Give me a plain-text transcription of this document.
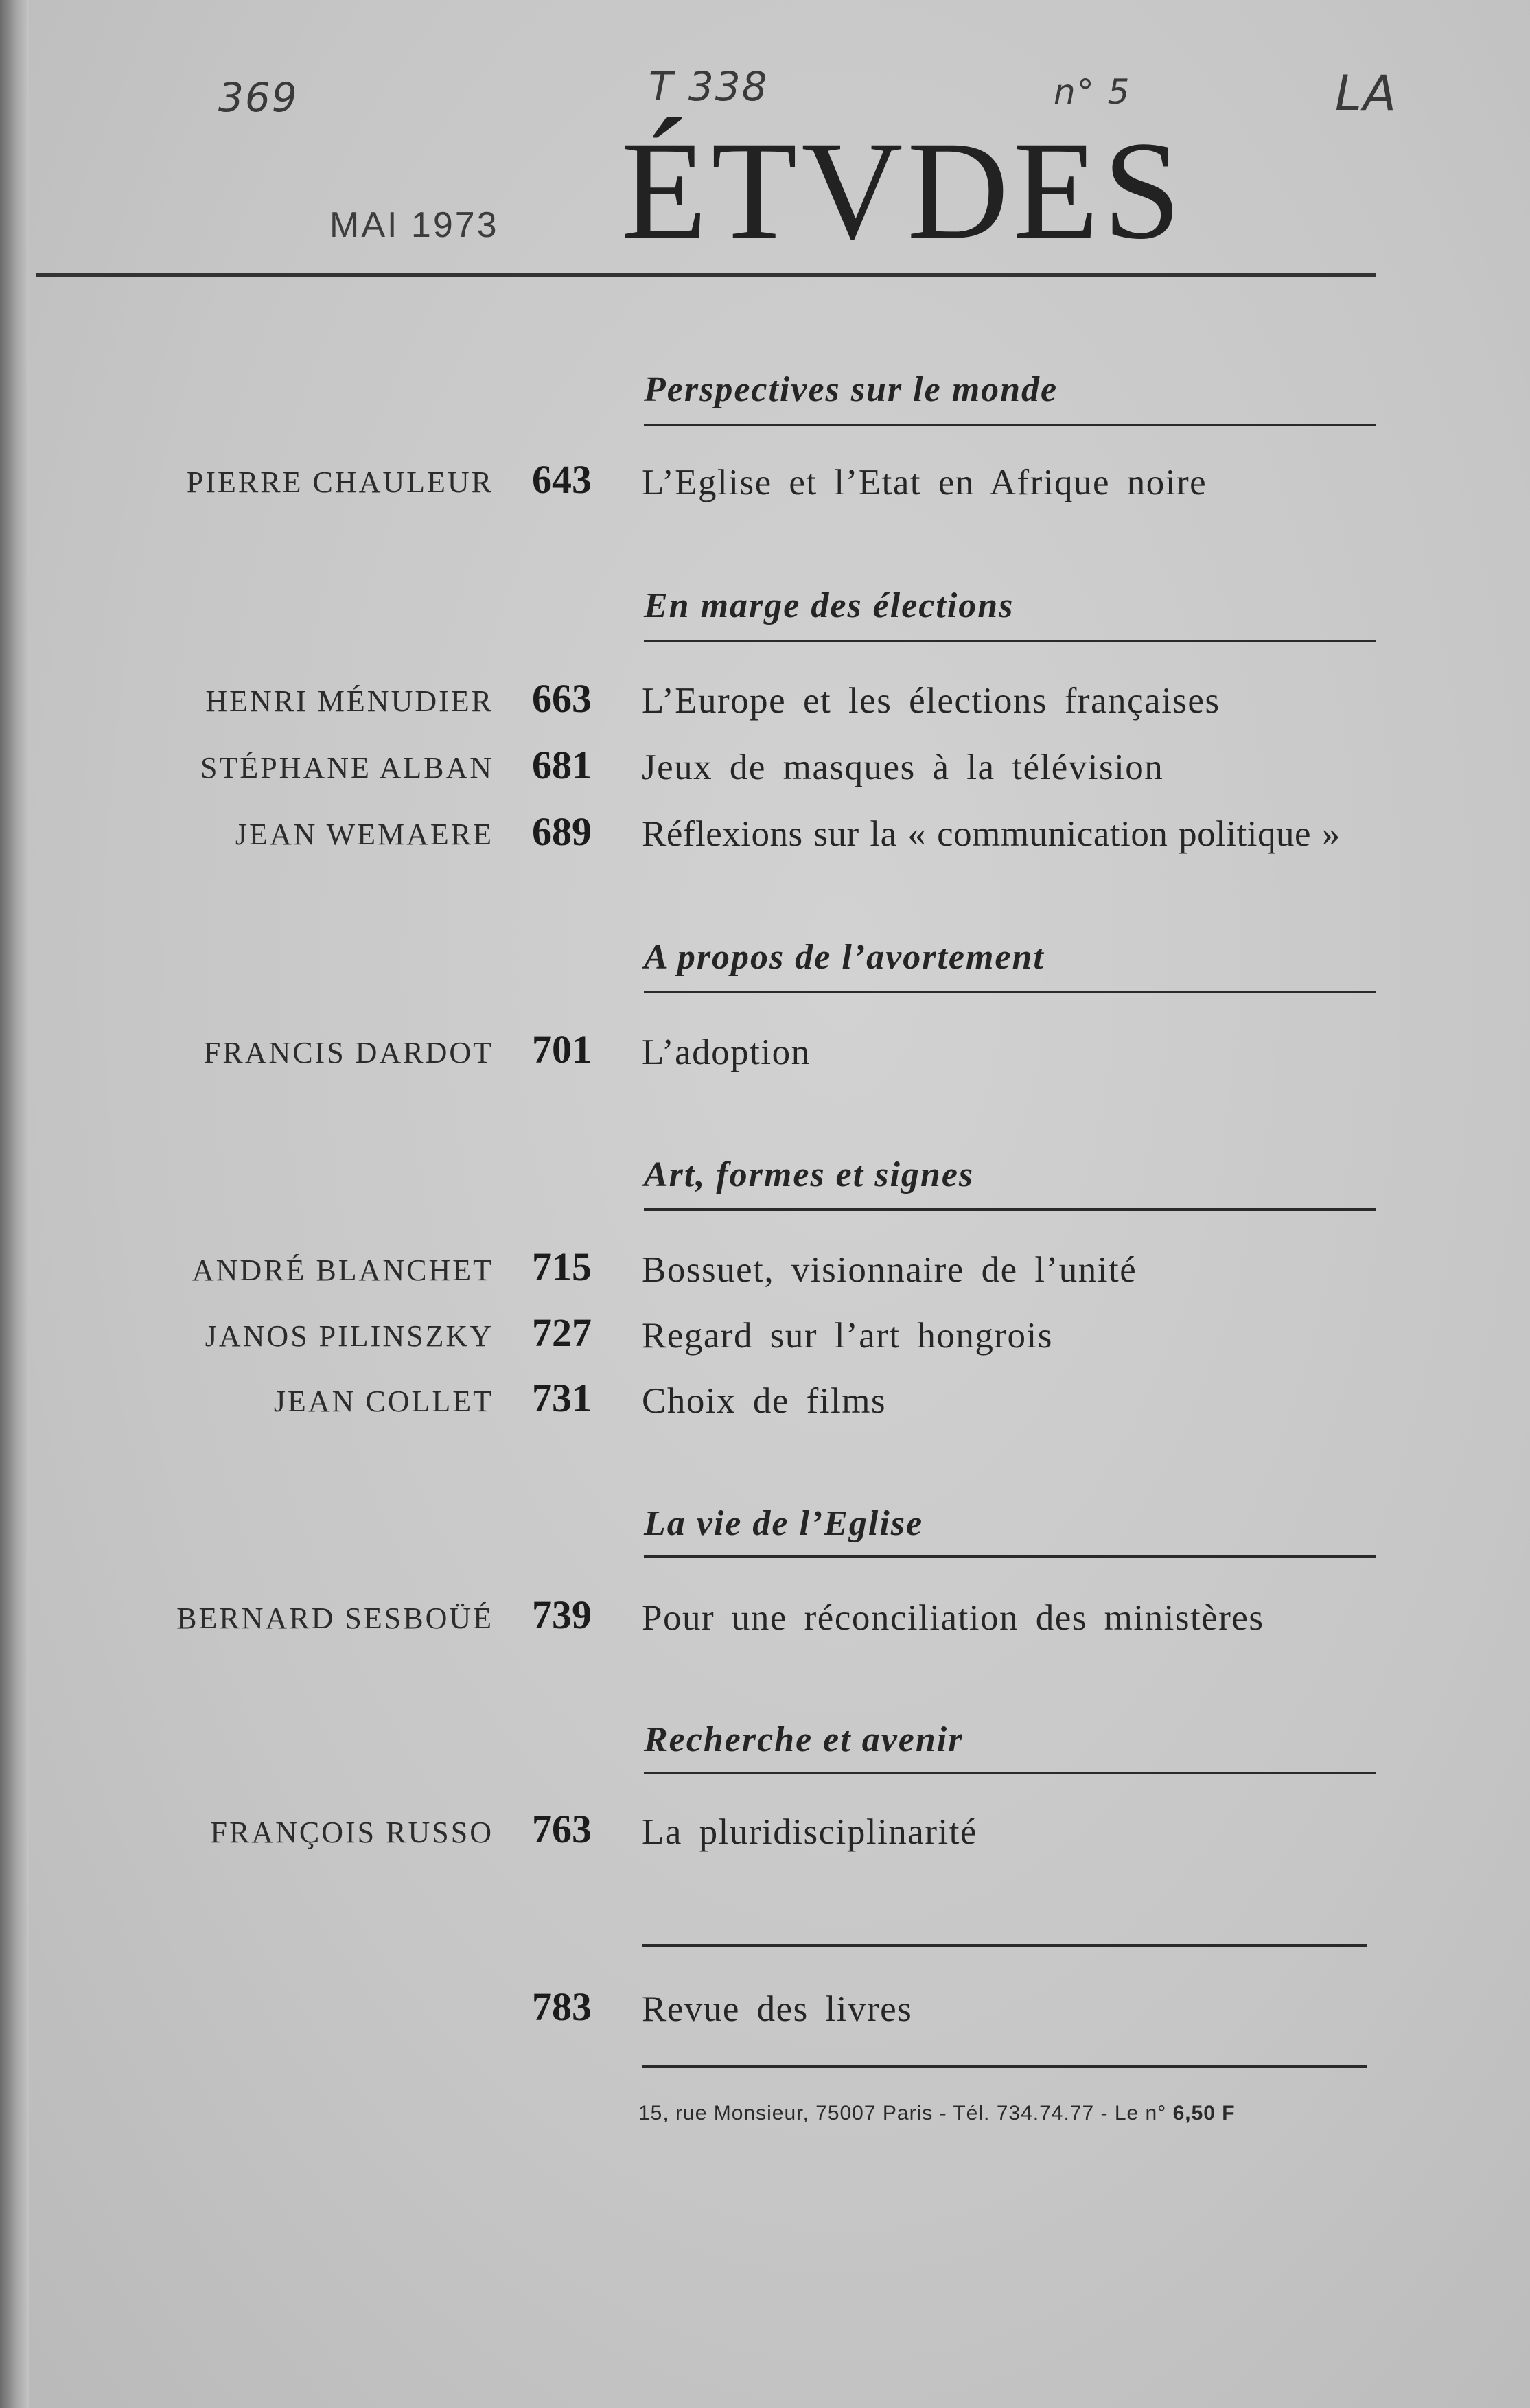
369	T 338	n° 5	LA
MAI 1973 ÉTVDES
Perspectives sur le monde
PIERRE CHAULEUR 643 L’Eglise et l’Etat en Afrique noire
En marge des élections
HENRI MÉNUDIER 663 L’Europe et les élections françaises
STÉPHANE ALBAN 681 Jeux de masques à la télévision
JEAN WEMAERE 689 Réflexions sur la « communication politique »
A propos de l’avortement
FRANCIS DARDOT 701 L’adoption
Art, formes et signes
ANDRÉ BLANCHET 715 Bossuet, visionnaire de l’unité
JANOS PILINSZKY 727 Regard sur l’art hongrois
JEAN COLLET 731 Choix de films
La vie de l’Eglise
BERNARD SESBOÜÉ 739 Pour une réconciliation des ministères
Recherche et avenir
FRANÇOIS RUSSO 763 La pluridisciplinarité
783 Revue des livres
15, rue Monsieur, 75007 Paris - Tél. 734.74.77 - Le n° 6,50 F
